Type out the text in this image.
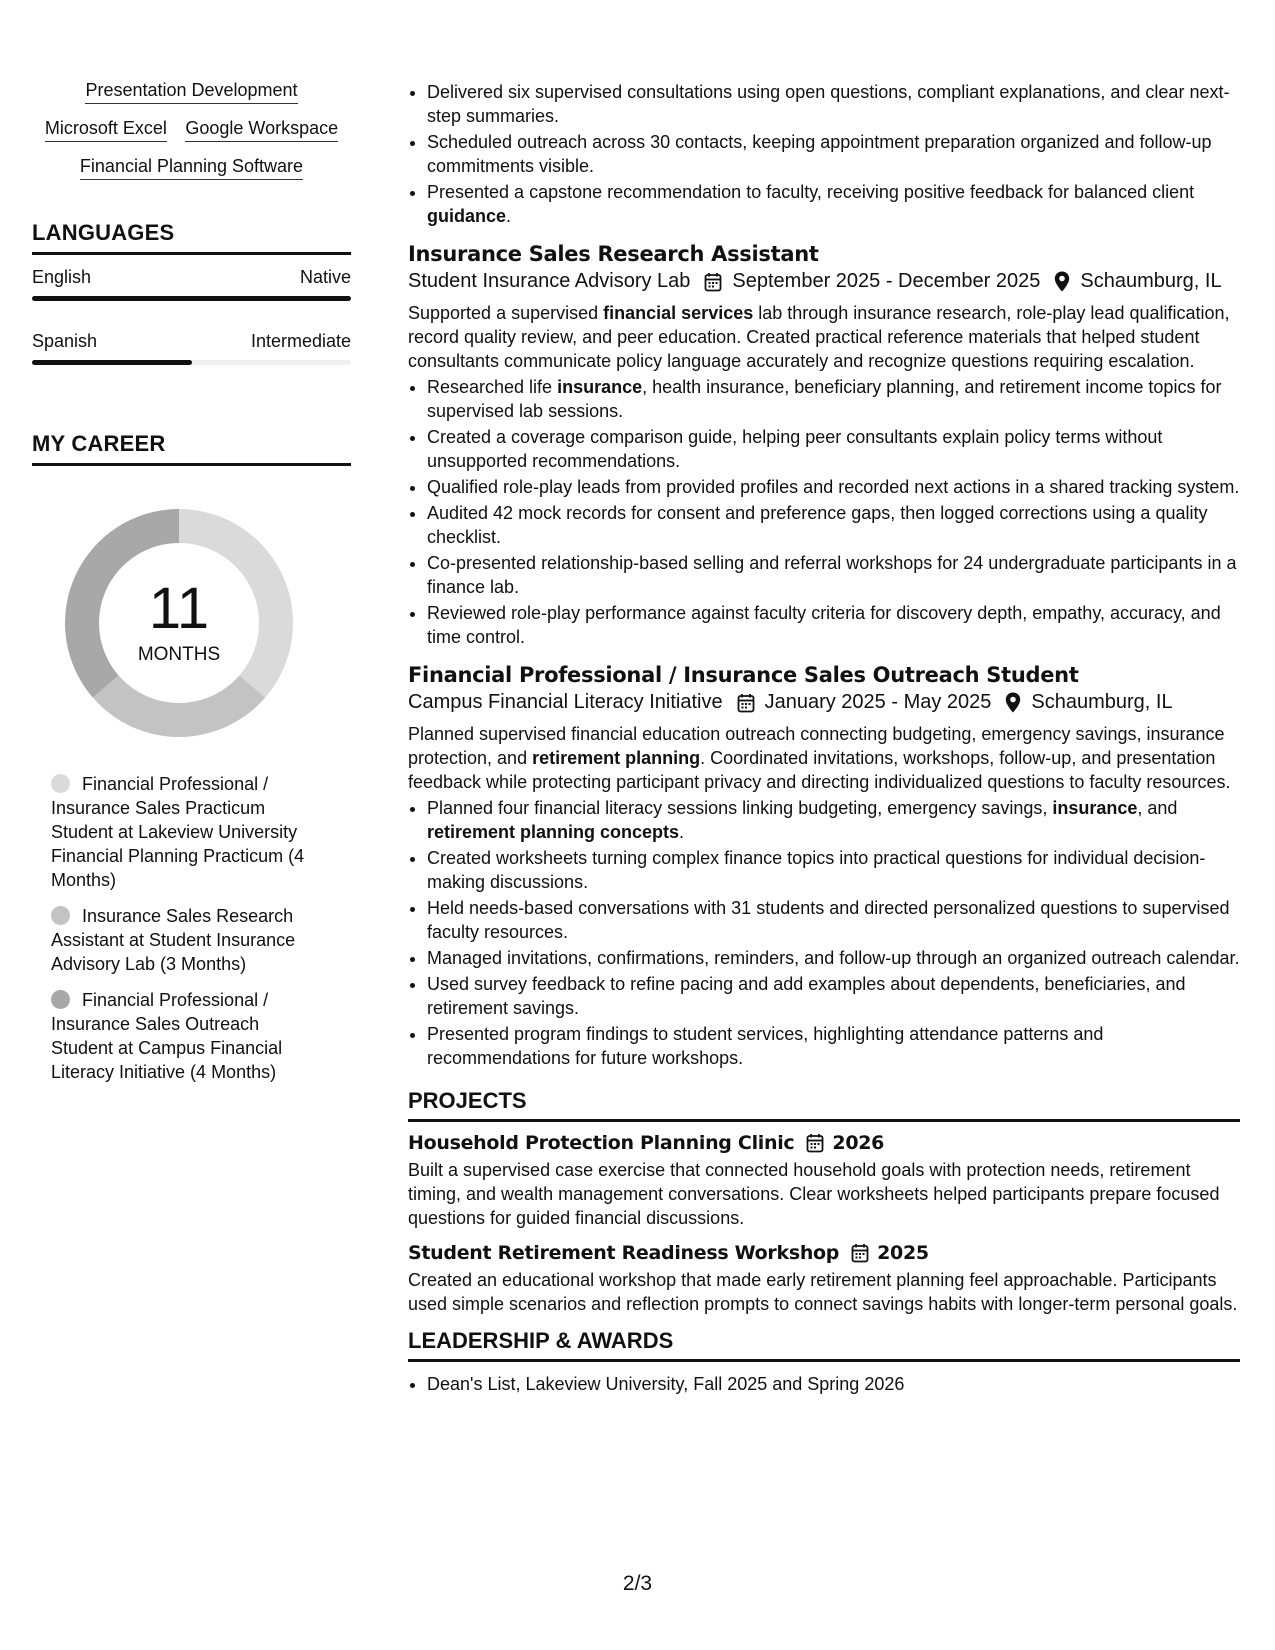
Presentation Development
Microsoft Excel Google Workspace
Financial Planning Software
LANGUAGES
English	Native
Spanish	Intermediate
MY CAREER
11
MONTHS
Financial Professional / Insurance Sales Practicum Student at Lakeview University Financial Planning Practicum (4 Months)
Insurance Sales Research Assistant at Student Insurance Advisory Lab (3 Months)
Financial Professional / Insurance Sales Outreach Student at Campus Financial Literacy Initiative (4 Months)
• Delivered six supervised consultations using open questions, compliant explanations, and clear next-step summaries.
• Scheduled outreach across 30 contacts, keeping appointment preparation organized and follow-up commitments visible.
• Presented a capstone recommendation to faculty, receiving positive feedback for balanced client guidance.
Insurance Sales Research Assistant
Student Insurance Advisory Lab September 2025 - December 2025 Schaumburg, IL

Supported a supervised financial services lab through insurance research, role-play lead qualification, record quality review, and peer education. Created practical reference materials that helped student consultants communicate policy language accurately and recognize questions requiring escalation.

• Researched life insurance, health insurance, beneficiary planning, and retirement income topics for supervised lab sessions.
• Created a coverage comparison guide, helping peer consultants explain policy terms without unsupported recommendations.
• Qualified role-play leads from provided profiles and recorded next actions in a shared tracking system.
• Audited 42 mock records for consent and preference gaps, then logged corrections using a quality checklist.
• Co-presented relationship-based selling and referral workshops for 24 undergraduate participants in a finance lab.
• Reviewed role-play performance against faculty criteria for discovery depth, empathy, accuracy, and time control.
Financial Professional / Insurance Sales Outreach Student
Campus Financial Literacy Initiative January 2025 - May 2025 Schaumburg, IL

Planned supervised financial education outreach connecting budgeting, emergency savings, insurance protection, and retirement planning. Coordinated invitations, workshops, follow-up, and presentation feedback while protecting participant privacy and directing individualized questions to faculty resources.

• Planned four financial literacy sessions linking budgeting, emergency savings, insurance, and retirement planning concepts.
• Created worksheets turning complex finance topics into practical questions for individual decision-making discussions.
• Held needs-based conversations with 31 students and directed personalized questions to supervised faculty resources.
• Managed invitations, confirmations, reminders, and follow-up through an organized outreach calendar.
• Used survey feedback to refine pacing and add examples about dependents, beneficiaries, and retirement savings.
• Presented program findings to student services, highlighting attendance patterns and recommendations for future workshops.
PROJECTS
Household Protection Planning Clinic 2026

Built a supervised case exercise that connected household goals with protection needs, retirement timing, and wealth management conversations. Clear worksheets helped participants prepare focused questions for guided financial discussions.

Student Retirement Readiness Workshop 2025

Created an educational workshop that made early retirement planning feel approachable. Participants used simple scenarios and reflection prompts to connect savings habits with longer-term personal goals.

LEADERSHIP & AWARDS
• Dean's List, Lakeview University, Fall 2025 and Spring 2026
2/3
